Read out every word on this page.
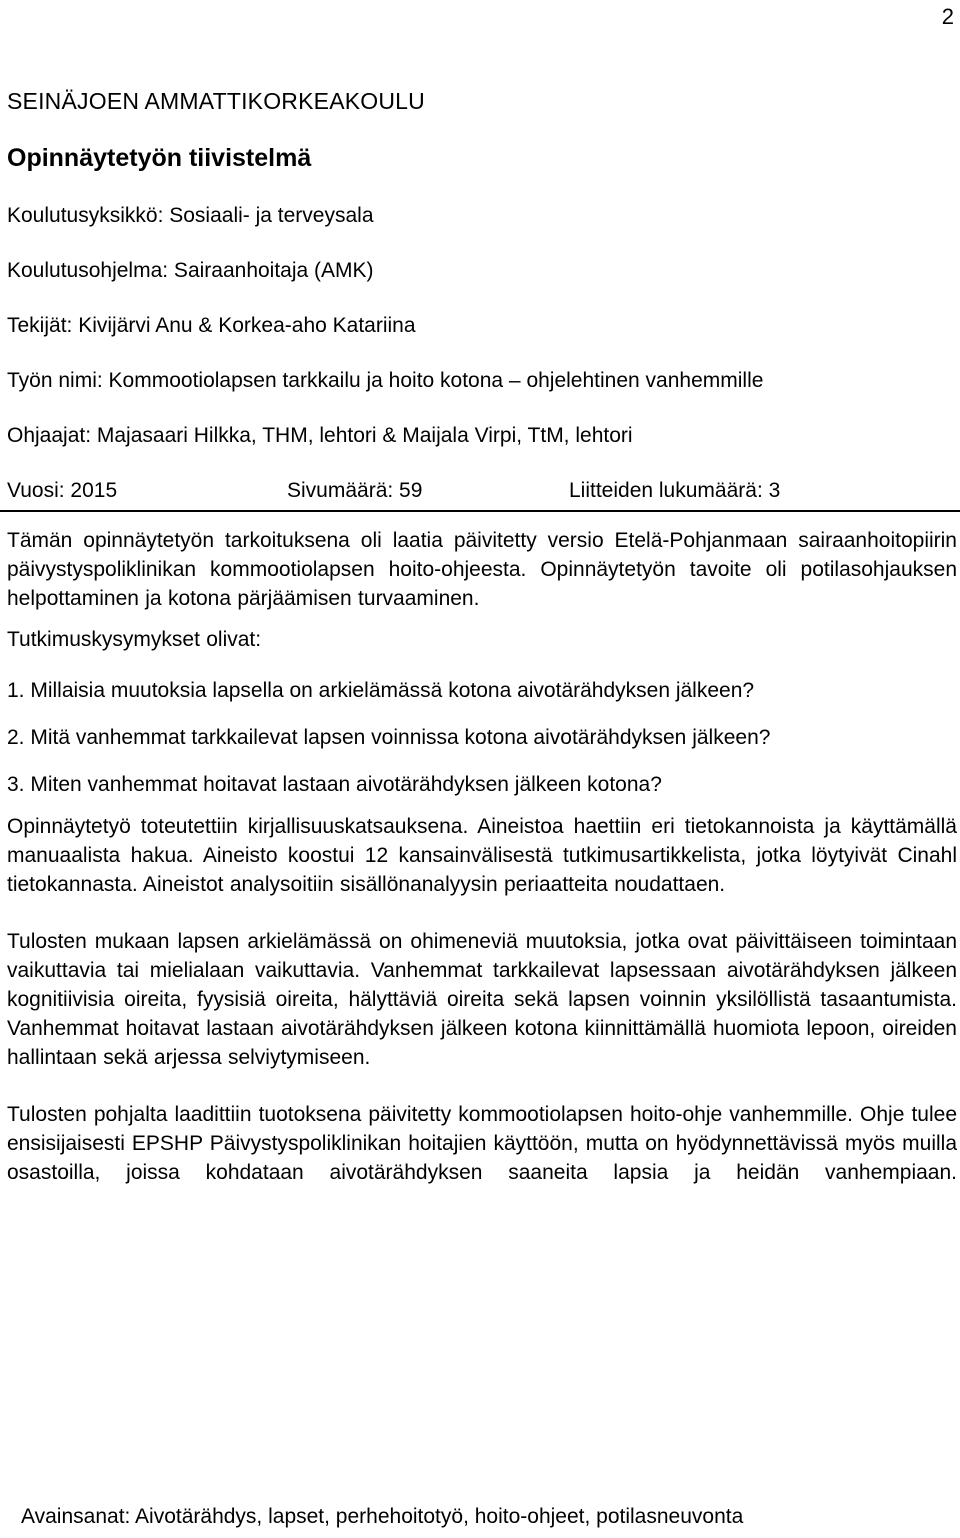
2

SEINÄJOEN AMMATTIKORKEAKOULU

Opinnäytetyön tiivistelmä

Koulutusyksikkö: Sosiaali- ja terveysala

Koulutusohjelma: Sairaanhoitaja (AMK)

Tekijät: Kivijärvi Anu & Korkea-aho Katariina

Työn nimi: Kommootiolapsen tarkkailu ja hoito kotona – ohjelehtinen vanhemmille

Ohjaajat: Majasaari Hilkka, THM, lehtori & Maijala Virpi, TtM, lehtori

Vuosi: 2015	Sivumäärä: 59	Liitteiden lukumäärä: 3

Tämän opinnäytetyön tarkoituksena oli laatia päivitetty versio Etelä-Pohjanmaan sairaanhoitopiirin päivystyspoliklinikan kommootiolapsen hoito-ohjeesta. Opinnäytetyön tavoite oli potilasohjauksen helpottaminen ja kotona pärjäämisen turvaaminen.

Tutkimuskysymykset olivat:

1. Millaisia muutoksia lapsella on arkielämässä kotona aivotärähdyksen jälkeen?

2. Mitä vanhemmat tarkkailevat lapsen voinnissa kotona aivotärähdyksen jälkeen?

3. Miten vanhemmat hoitavat lastaan aivotärähdyksen jälkeen kotona?

Opinnäytetyö toteutettiin kirjallisuuskatsauksena. Aineistoa haettiin eri tietokannoista ja käyttämällä manuaalista hakua. Aineisto koostui 12 kansainvälisestä tutkimusartikkelista, jotka löytyivät Cinahl tietokannasta. Aineistot analysoitiin sisällönanalyysin periaatteita noudattaen.

Tulosten mukaan lapsen arkielämässä on ohimeneviä muutoksia, jotka ovat päivittäiseen toimintaan vaikuttavia tai mielialaan vaikuttavia. Vanhemmat tarkkailevat lapsessaan aivotärähdyksen jälkeen kognitiivisia oireita, fyysisiä oireita, hälyttäviä oireita sekä lapsen voinnin yksilöllistä tasaantumista. Vanhemmat hoitavat lastaan aivotärähdyksen jälkeen kotona kiinnittämällä huomiota lepoon, oireiden hallintaan sekä arjessa selviytymiseen.

Tulosten pohjalta laadittiin tuotoksena päivitetty kommootiolapsen hoito-ohje vanhemmille. Ohje tulee ensisijaisesti EPSHP Päivystyspoliklinikan hoitajien käyttöön, mutta on hyödynnettävissä myös muilla osastoilla, joissa kohdataan aivotärähdyksen saaneita lapsia ja heidän vanhempiaan.

Avainsanat: Aivotärähdys, lapset, perhehoitotyö, hoito-ohjeet, potilasneuvonta
